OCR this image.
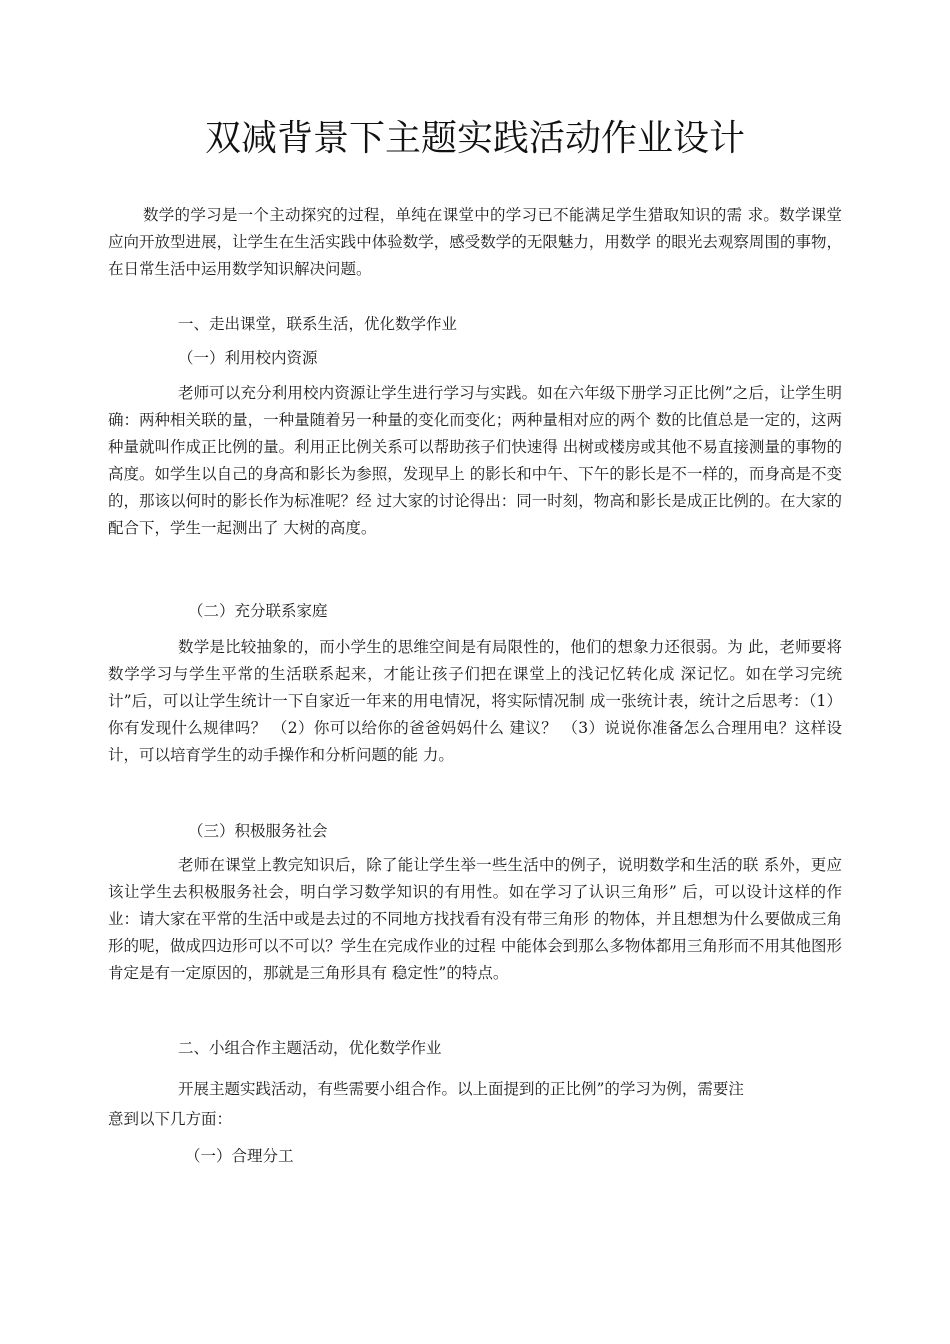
双减背景下主题实践活动作业设计

数学的学习是一个主动探究的过程，单纯在课堂中的学习已不能满足学生猎取知识的需 求。数学课堂应向开放型进展，让学生在生活实践中体验数学，感受数学的无限魅力，用数学 的眼光去观察周围的事物，在日常生活中运用数学知识解决问题。

一、走出课堂，联系生活，优化数学作业

（一）利用校内资源

老师可以充分利用校内资源让学生进行学习与实践。如在六年级下册学习正比例”之后，让学生明确：两种相关联的量，一种量随着另一种量的变化而变化；两种量相对应的两个 数的比值总是一定的，这两种量就叫作成正比例的量。利用正比例关系可以帮助孩子们快速得 出树或楼房或其他不易直接测量的事物的高度。如学生以自己的身高和影长为参照，发现早上 的影长和中午、下午的影长是不一样的，而身高是不变的，那该以何时的影长作为标准呢？经 过大家的讨论得出：同一时刻，物高和影长是成正比例的。在大家的配合下，学生一起测出了 大树的高度。

（二）充分联系家庭

数学是比较抽象的，而小学生的思维空间是有局限性的，他们的想象力还很弱。为 此，老师要将数学学习与学生平常的生活联系起来，才能让孩子们把在课堂上的浅记忆转化成 深记忆。如在学习完统计”后，可以让学生统计一下自家近一年来的用电情况，将实际情况制 成一张统计表，统计之后思考：（1）你有发现什么规律吗？ （2）你可以给你的爸爸妈妈什么 建议？ （3）说说你准备怎么合理用电？这样设计，可以培育学生的动手操作和分析问题的能 力。

（三）积极服务社会

老师在课堂上教完知识后，除了能让学生举一些生活中的例子，说明数学和生活的联 系外，更应该让学生去积极服务社会，明白学习数学知识的有用性。如在学习了认识三角形” 后，可以设计这样的作业：请大家在平常的生活中或是去过的不同地方找找看有没有带三角形 的物体，并且想想为什么要做成三角形的呢，做成四边形可以不可以？学生在完成作业的过程 中能体会到那么多物体都用三角形而不用其他图形肯定是有一定原因的，那就是三角形具有 稳定性”的特点。

二、小组合作主题活动，优化数学作业

开展主题实践活动，有些需要小组合作。以上面提到的正比例”的学习为例，需要注

意到以下几方面：

（一）合理分工
